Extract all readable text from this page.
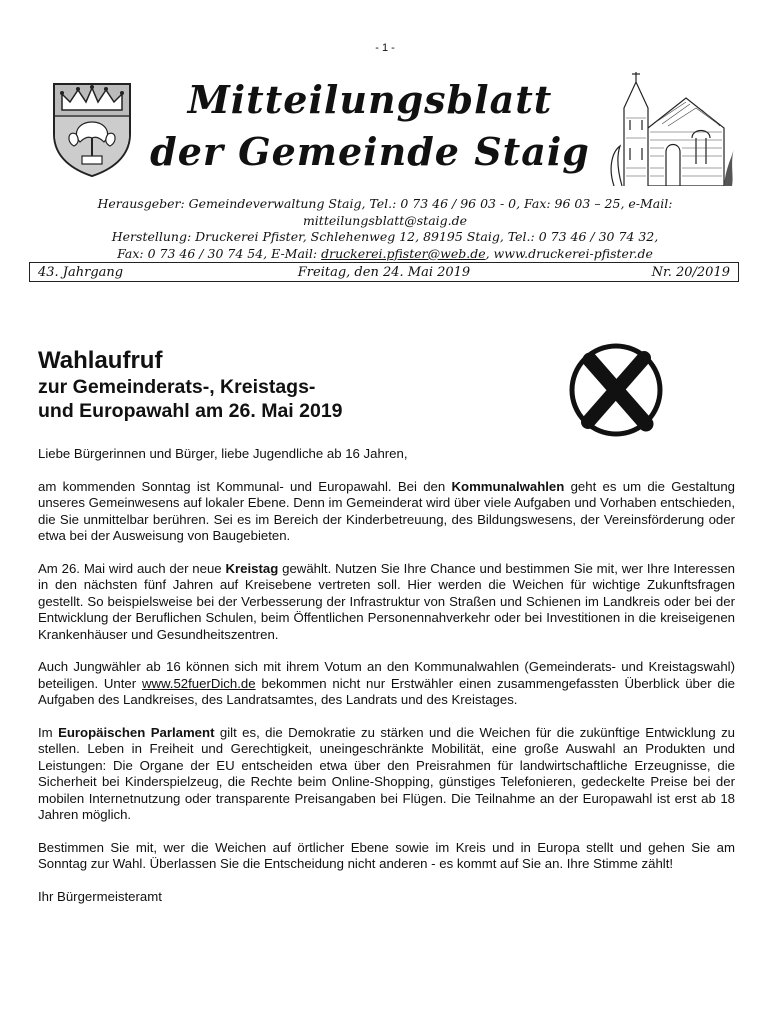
- 1 -
Mitteilungsblatt
der Gemeinde Staig
Herausgeber: Gemeindeverwaltung Staig, Tel.: 0 73 46 / 96 03 - 0, Fax: 96 03 – 25, e-Mail: mitteilungsblatt@staig.de
Herstellung: Druckerei Pfister, Schlehenweg 12, 89195 Staig, Tel.: 0 73 46 / 30 74 32,
Fax: 0 73 46 / 30 74 54, E-Mail: druckerei.pfister@web.de, www.druckerei-pfister.de
Freitag, den 24. Mai 2019
43. Jahrgang	Nr. 20/2019
Wahlaufruf
zur Gemeinderats-, Kreistags-
und Europawahl am 26. Mai 2019

Liebe Bürgerinnen und Bürger, liebe Jugendliche ab 16 Jahren,

am kommenden Sonntag ist Kommunal- und Europawahl. Bei den Kommunalwahlen geht es um die Gestaltung unseres Gemeinwesens auf lokaler Ebene. Denn im Gemeinderat wird über viele Aufgaben und Vorhaben entschieden, die Sie unmittelbar berühren. Sei es im Bereich der Kinderbetreuung, des Bildungswesens, der Vereinsförderung oder etwa bei der Ausweisung von Baugebieten.

Am 26. Mai wird auch der neue Kreistag gewählt. Nutzen Sie Ihre Chance und bestimmen Sie mit, wer Ihre Interessen in den nächsten fünf Jahren auf Kreisebene vertreten soll. Hier werden die Weichen für wichtige Zukunftsfragen gestellt. So beispielsweise bei der Verbesserung der Infrastruktur von Straßen und Schienen im Landkreis oder bei der Entwicklung der Beruflichen Schulen, beim Öffentlichen Personennahverkehr oder bei Investitionen in die kreiseigenen Krankenhäuser und Gesundheitszentren.

Auch Jungwähler ab 16 können sich mit ihrem Votum an den Kommunalwahlen (Gemeinderats- und Kreistagswahl) beteiligen. Unter www.52fuerDich.de bekommen nicht nur Erstwähler einen zusammengefassten Überblick über die Aufgaben des Landkreises, des Landratsamtes, des Landrats und des Kreistages.

Im Europäischen Parlament gilt es, die Demokratie zu stärken und die Weichen für die zukünftige Entwicklung zu stellen. Leben in Freiheit und Gerechtigkeit, uneingeschränkte Mobilität, eine große Auswahl an Produkten und Leistungen: Die Organe der EU entscheiden etwa über den Preisrahmen für landwirtschaftliche Erzeugnisse, die Sicherheit bei Kinderspielzeug, die Rechte beim Online-Shopping, günstiges Telefonieren, gedeckelte Preise bei der mobilen Internetnutzung oder transparente Preisangaben bei Flügen. Die Teilnahme an der Europawahl ist erst ab 18 Jahren möglich.

Bestimmen Sie mit, wer die Weichen auf örtlicher Ebene sowie im Kreis und in Europa stellt und gehen Sie am Sonntag zur Wahl. Überlassen Sie die Entscheidung nicht anderen - es kommt auf Sie an. Ihre Stimme zählt!

Ihr Bürgermeisteramt
